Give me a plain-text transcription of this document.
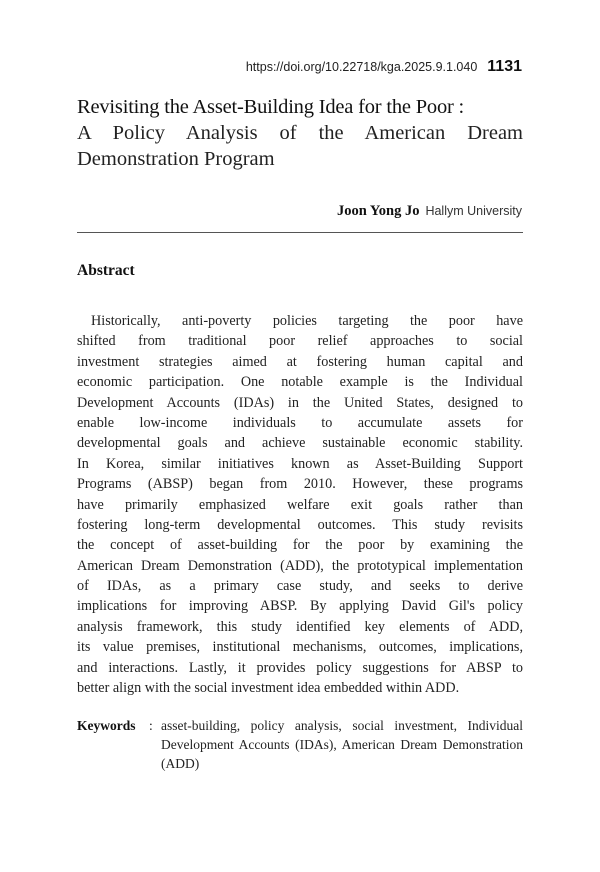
https://doi.org/10.22718/kga.2025.9.1.040 1131
Revisiting the Asset-Building Idea for the Poor :
A Policy Analysis of the American Dream
Demonstration Program
Joon Yong Jo Hallym University
Abstract
Historically, anti-poverty policies targeting the poor have
shifted from traditional poor relief approaches to social
investment strategies aimed at fostering human capital and
economic participation. One notable example is the Individual
Development Accounts (IDAs) in the United States, designed to
enable low-income individuals to accumulate assets for
developmental goals and achieve sustainable economic stability.
In Korea, similar initiatives known as Asset-Building Support
Programs (ABSP) began from 2010. However, these programs
have primarily emphasized welfare exit goals rather than
fostering long-term developmental outcomes. This study revisits
the concept of asset-building for the poor by examining the
American Dream Demonstration (ADD), the prototypical implementation
of IDAs, as a primary case study, and seeks to derive
implications for improving ABSP. By applying David Gil's policy
analysis framework, this study identified key elements of ADD,
its value premises, institutional mechanisms, outcomes, implications,
and interactions. Lastly, it provides policy suggestions for ABSP to
better align with the social investment idea embedded within ADD.
Keywords	: asset-building, policy analysis, social investment, Individual
Development Accounts (IDAs), American Dream Demonstration
(ADD)
